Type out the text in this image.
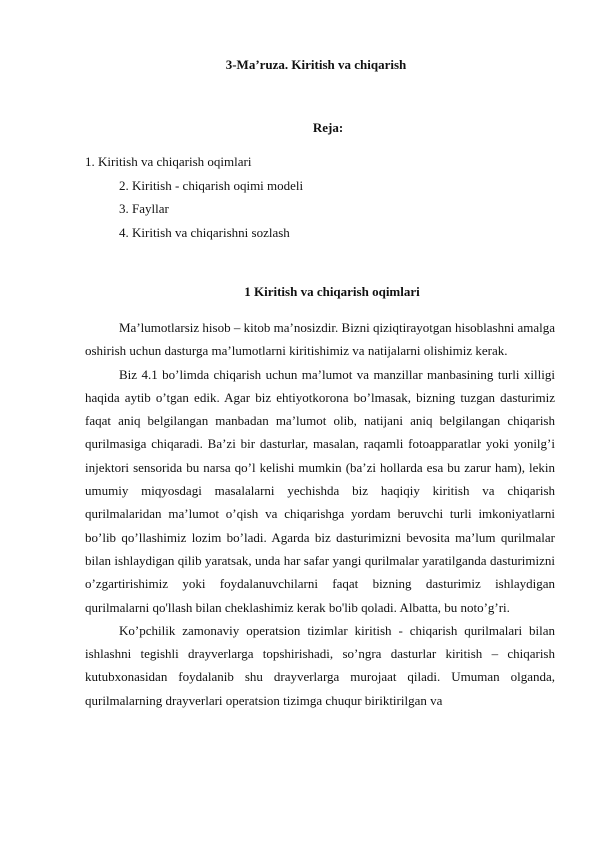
3-Ma’ruza. Kiritish va chiqarish
Reja:
1. Kiritish va chiqarish oqimlari
2. Kiritish - chiqarish oqimi modeli
3. Fayllar
4. Kiritish va chiqarishni sozlash
1 Kiritish va chiqarish oqimlari

Ma’lumotlarsiz hisob – kitob ma’nosizdir. Bizni qiziqtirayotgan hisoblashni amalga oshirish uchun dasturga ma’lumotlarni kiritishimiz va natijalarni olishimiz kerak.

Biz 4.1 bo’limda chiqarish uchun ma’lumot va manzillar manbasining turli xilligi haqida aytib o’tgan edik. Agar biz ehtiyotkorona bo’lmasak, bizning tuzgan dasturimiz faqat aniq belgilangan manbadan ma’lumot olib, natijani aniq belgilangan chiqarish qurilmasiga chiqaradi. Ba’zi bir dasturlar, masalan, raqamli fotoapparatlar yoki yonilg’i injektori sensorida bu narsa qo’l kelishi mumkin (ba’zi hollarda esa bu zarur ham), lekin umumiy miqyosdagi masalalarni yechishda biz haqiqiy kiritish va chiqarish qurilmalaridan ma’lumot o’qish va chiqarishga yordam beruvchi turli imkoniyatlarni bo’lib qo’llashimiz lozim bo’ladi. Agarda biz dasturimizni bevosita ma’lum qurilmalar bilan ishlaydigan qilib yaratsak, unda har safar yangi qurilmalar yaratilganda dasturimizni o’zgartirishimiz yoki foydalanuvchilarni faqat bizning dasturimiz ishlaydigan qurilmalarni qo'llash bilan cheklashimiz kerak bo'lib qoladi. Albatta, bu noto’g’ri.

Ko’pchilik zamonaviy operatsion tizimlar kiritish - chiqarish qurilmalari bilan ishlashni tegishli drayverlarga topshirishadi, so’ngra dasturlar kiritish – chiqarish kutubxonasidan foydalanib shu drayverlarga murojaat qiladi. Umuman olganda, qurilmalarning drayverlari operatsion tizimga chuqur biriktirilgan va
